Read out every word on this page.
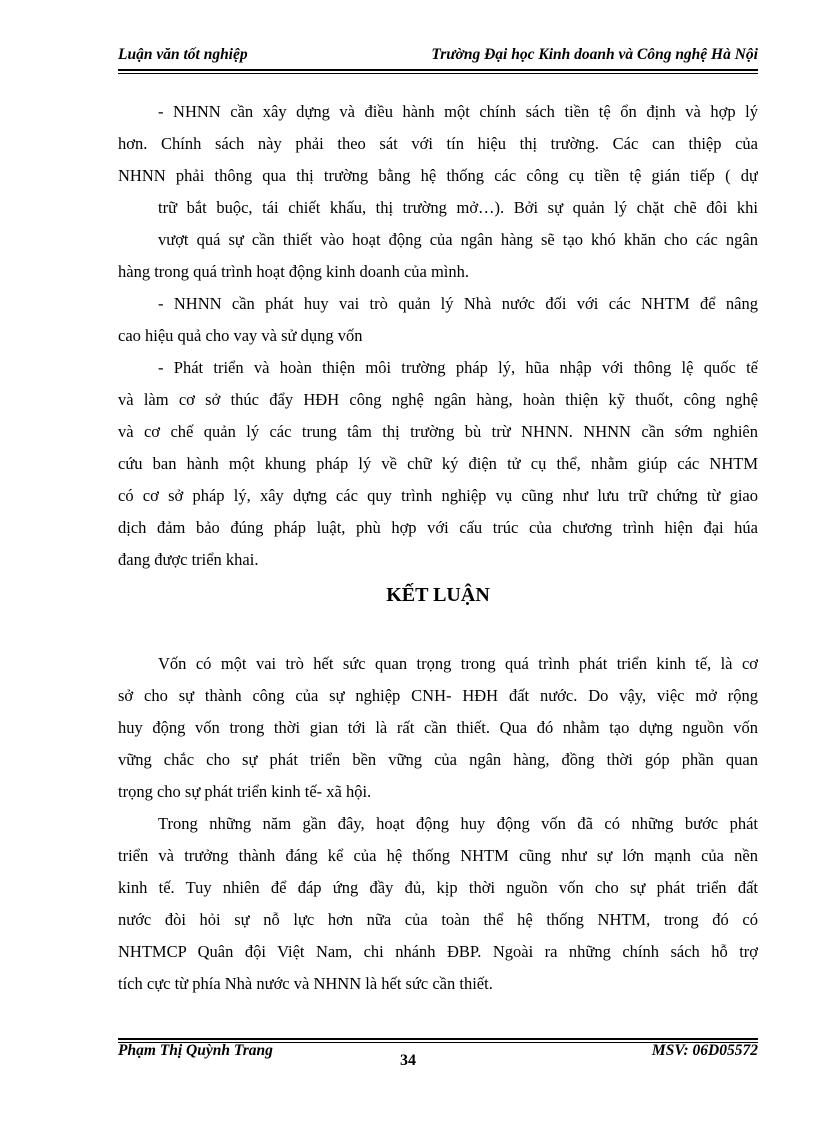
Luận văn tốt nghiệp	Trường Đại học Kinh doanh và Công nghệ Hà Nội
- NHNN cần xây dựng và điều hành một chính sách tiền tệ ổn định và hợp lý
hơn. Chính sách này phải theo sát với tín hiệu thị trường. Các can thiệp của
NHNN phải thông qua thị trường bằng hệ thống các công cụ tiền tệ gián tiếp ( dự
trữ bắt buộc, tái chiết khấu, thị trường mở…). Bởi sự quản lý chặt chẽ đôi khi
vượt quá sự cần thiết vào hoạt động của ngân hàng sẽ tạo khó khăn cho các ngân
hàng trong quá trình hoạt động kinh doanh của mình.
- NHNN cần phát huy vai trò quản lý Nhà nước đối với các NHTM để nâng
cao hiệu quả cho vay và sử dụng vốn
- Phát triển và hoàn thiện môi trường pháp lý, hũa nhập với thông lệ quốc tế
và làm cơ sở thúc đẩy HĐH công nghệ ngân hàng, hoàn thiện kỹ thuốt, công nghệ
và cơ chế quản lý các trung tâm thị trường bù trừ NHNN. NHNN cần sớm nghiên
cứu ban hành một khung pháp lý về chữ ký điện tử cụ thể, nhằm giúp các NHTM
có cơ sở pháp lý, xây dựng các quy trình nghiệp vụ cũng như lưu trữ chứng từ giao
dịch đảm bảo đúng pháp luật, phù hợp với cấu trúc của chương trình hiện đại húa
đang được triển khai.
KẾT LUẬN
Vốn có một vai trò hết sức quan trọng trong quá trình phát triển kinh tế, là cơ
sở cho sự thành công của sự nghiệp CNH- HĐH đất nước. Do vậy, việc mở rộng
huy động vốn trong thời gian tới là rất cần thiết. Qua đó nhằm tạo dựng nguồn vốn
vững chắc cho sự phát triển bền vững của ngân hàng, đồng thời góp phần quan
trọng cho sự phát triển kinh tế- xã hội.
Trong những năm gần đây, hoạt động huy động vốn đã có những bước phát
triển và trưởng thành đáng kể của hệ thống NHTM cũng như sự lớn mạnh của nền
kinh tế. Tuy nhiên để đáp ứng đầy đủ, kịp thời nguồn vốn cho sự phát triển đất
nước đòi hỏi sự nỗ lực hơn nữa của toàn thể hệ thống NHTM, trong đó có
NHTMCP Quân đội Việt Nam, chi nhánh ĐBP. Ngoài ra những chính sách hỗ trợ
tích cực từ phía Nhà nước và NHNN là hết sức cần thiết.
Phạm Thị Quỳnh Trang
34
MSV: 06D05572
